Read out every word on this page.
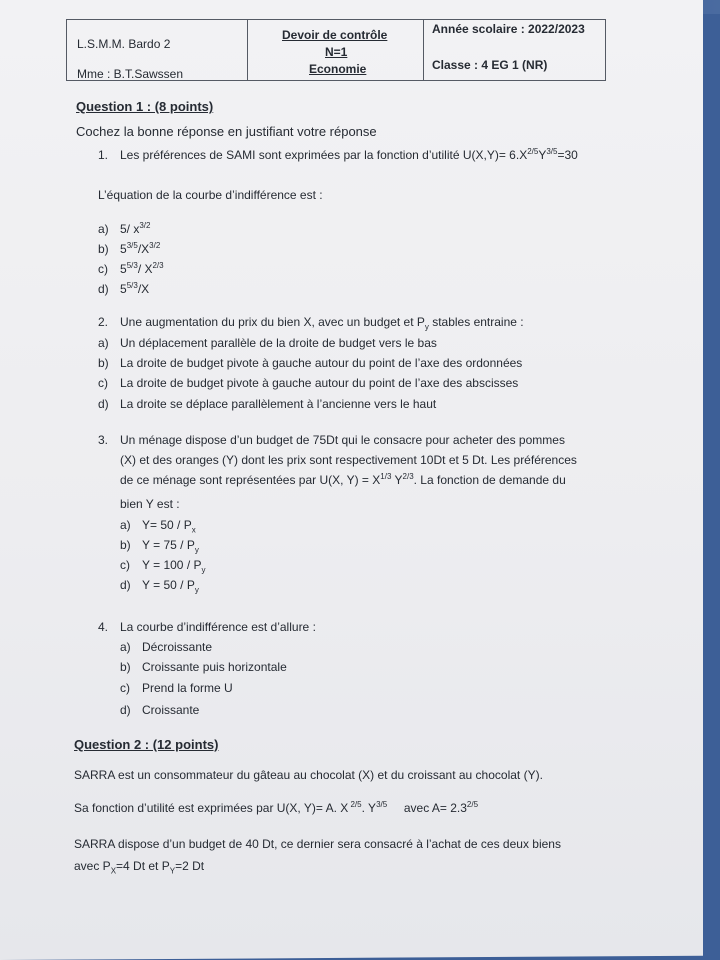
L.S.M.M. Bardo 2
Mme : B.T.Sawssen
Devoir de contrôle
N=1
Economie
Année scolaire : 2022/2023
Classe : 4 EG 1 (NR)
Question 1 : (8 points)
Cochez la bonne réponse en justifiant votre réponse
1. Les préférences de SAMI sont exprimées par la fonction d’utilité $U(X,Y)= 6.X^{2/5}Y^{3/5}=30$
L’équation de la courbe d’indifférence est :
a) 5/ $x^{3/2}$
b) $5^{3/5}/X^{3/2}$
c) $5^{5/3}/$ $X^{2/3}$
d) $5^{5/3}/X$
2. Une augmentation du prix du bien X, avec un budget et $P_y$ stables entraine :
a) Un déplacement parallèle de la droite de budget vers le bas
b) La droite de budget pivote à gauche autour du point de l’axe des ordonnées
c) La droite de budget pivote à gauche autour du point de l’axe des abscisses
d) La droite se déplace parallèlement à l’ancienne vers le haut
3. Un ménage dispose d’un budget de 75Dt qui le consacre pour acheter des pommes
(X) et des oranges (Y) dont les prix sont respectivement 10Dt et 5 Dt. Les préférences
de ce ménage sont représentées par U(X, $Y) = X^{1/3}$ $Y^{2/3}$. La fonction de demande du
bien Y est :
a) $Y= 50 / P_x$
b) $Y = 75 / P_y$
c) $Y = 100 / P_y$
d) $Y = 50 / P_y$
4. La courbe d’indifférence est d’allure :
a) Décroissante
b) Croissante puis horizontale
c) Prend la forme U
d) Croissante
Question 2 : (12 points)
SARRA est un consommateur du gâteau au chocolat (X) et du croissant au chocolat (Y).
Sa fonction d’utilité est exprimées par U(X, Y)= A. X $^{2/5}$. $Y^{3/5}$     avec $A= 2.3^{2/5}$
SARRA dispose d’un budget de 40 Dt, ce dernier sera consacré à l’achat de ces deux biens
avec $P_X=4$ Dt et $P_Y=2$ Dt
